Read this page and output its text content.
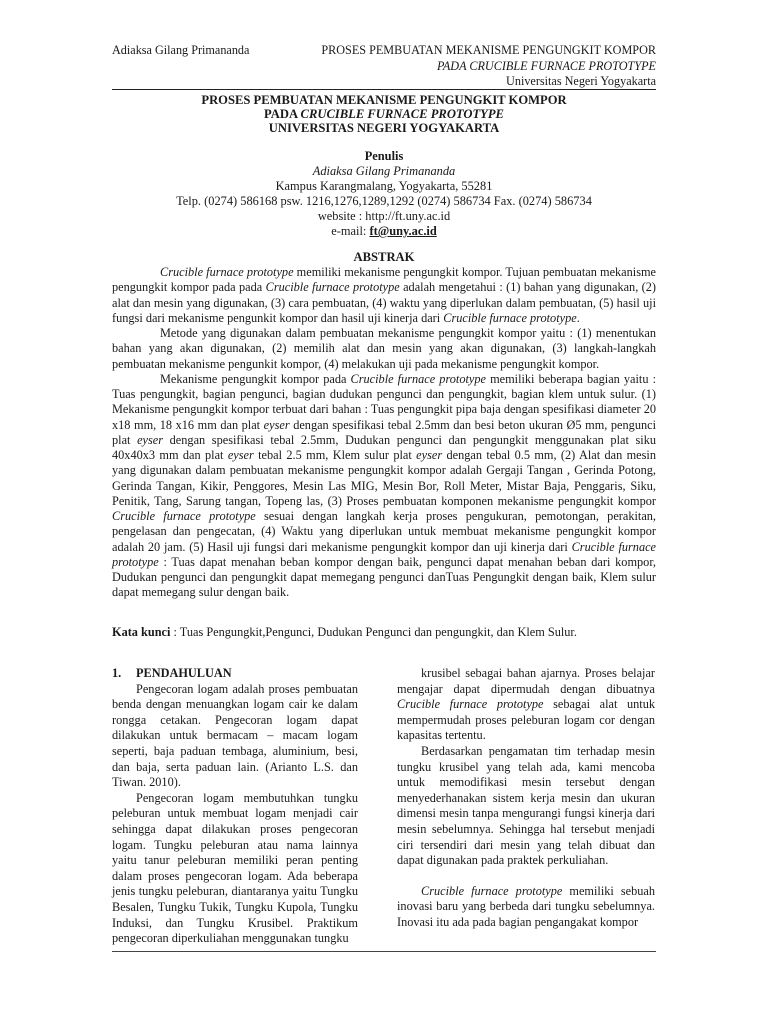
Adiaksa Gilang Primananda	PROSES PEMBUATAN MEKANISME PENGUNGKIT KOMPOR
PADA CRUCIBLE FURNACE PROTOTYPE
Universitas Negeri Yogyakarta
PROSES PEMBUATAN MEKANISME PENGUNGKIT KOMPOR
PADA CRUCIBLE FURNACE PROTOTYPE
UNIVERSITAS NEGERI YOGYAKARTA
Penulis
Adiaksa Gilang Primananda
Kampus Karangmalang, Yogyakarta, 55281
Telp. (0274) 586168 psw. 1216,1276,1289,1292 (0274) 586734 Fax. (0274) 586734
website : http://ft.uny.ac.id
e-mail: ft@uny.ac.id
ABSTRAK

Crucible furnace prototype memiliki mekanisme pengungkit kompor. Tujuan pembuatan mekanisme pengungkit kompor pada pada Crucible furnace prototype adalah mengetahui : (1) bahan yang digunakan, (2) alat dan mesin yang digunakan, (3) cara pembuatan, (4) waktu yang diperlukan dalam pembuatan, (5) hasil uji fungsi dari mekanisme pengunkit kompor dan hasil uji kinerja dari Crucible furnace prototype.

Metode yang digunakan dalam pembuatan mekanisme pengungkit kompor yaitu : (1) menentukan bahan yang akan digunakan, (2) memilih alat dan mesin yang akan digunakan, (3) langkah-langkah pembuatan mekanisme pengunkit kompor, (4) melakukan uji pada mekanisme pengungkit kompor.

Mekanisme pengungkit kompor pada Crucible furnace prototype memiliki beberapa bagian yaitu : Tuas pengungkit, bagian pengunci, bagian dudukan pengunci dan pengungkit, bagian klem untuk sulur. (1) Mekanisme pengungkit kompor terbuat dari bahan : Tuas pengungkit pipa baja dengan spesifikasi diameter 20 x18 mm, 18 x16 mm dan plat eyser dengan spesifikasi tebal 2.5mm dan besi beton ukuran Ø5 mm, pengunci plat eyser dengan spesifikasi tebal 2.5mm, Dudukan pengunci dan pengungkit menggunakan plat siku 40x40x3 mm dan plat eyser tebal 2.5 mm, Klem sulur plat eyser dengan tebal 0.5 mm, (2) Alat dan mesin yang digunakan dalam pembuatan mekanisme pengungkit kompor adalah Gergaji Tangan , Gerinda Potong, Gerinda Tangan, Kikir, Penggores, Mesin Las MIG, Mesin Bor, Roll Meter, Mistar Baja, Penggaris, Siku, Penitik, Tang, Sarung tangan, Topeng las, (3) Proses pembuatan komponen mekanisme pengungkit kompor Crucible furnace prototype sesuai dengan langkah kerja proses pengukuran, pemotongan, perakitan, pengelasan dan pengecatan, (4) Waktu yang diperlukan untuk membuat mekanisme pengungkit kompor adalah 20 jam. (5) Hasil uji fungsi dari mekanisme pengungkit kompor dan uji kinerja dari Crucible furnace prototype : Tuas dapat menahan beban kompor dengan baik, pengunci dapat menahan beban dari kompor, Dudukan pengunci dan pengungkit dapat memegang pengunci danTuas Pengungkit dengan baik, Klem sulur dapat memegang sulur dengan baik.

Kata kunci : Tuas Pengungkit,Pengunci, Dudukan Pengunci dan pengungkit, dan Klem Sulur.

1. PENDAHULUAN

Pengecoran logam adalah proses pembuatan benda dengan menuangkan logam cair ke dalam rongga cetakan. Pengecoran logam dapat dilakukan untuk bermacam – macam logam seperti, baja paduan tembaga, aluminium, besi, dan baja, serta paduan lain. (Arianto L.S. dan Tiwan. 2010).

Pengecoran logam membutuhkan tungku peleburan untuk membuat logam menjadi cair sehingga dapat dilakukan proses pengecoran logam. Tungku peleburan atau nama lainnya yaitu tanur peleburan memiliki peran penting dalam proses pengecoran logam. Ada beberapa jenis tungku peleburan, diantaranya yaitu Tungku Besalen, Tungku Tukik, Tungku Kupola, Tungku Induksi, dan Tungku Krusibel. Praktikum pengecoran diperkuliahan menggunakan tungku

krusibel sebagai bahan ajarnya. Proses belajar mengajar dapat dipermudah dengan dibuatnya Crucible furnace prototype sebagai alat untuk mempermudah proses peleburan logam cor dengan kapasitas tertentu.

Berdasarkan pengamatan tim terhadap mesin tungku krusibel yang telah ada, kami mencoba untuk memodifikasi mesin tersebut dengan menyederhanakan sistem kerja mesin dan ukuran dimensi mesin tanpa mengurangi fungsi kinerja dari mesin sebelumnya. Sehingga hal tersebut menjadi ciri tersendiri dari mesin yang telah dibuat dan dapat digunakan pada praktek perkuliahan.

Crucible furnace prototype memiliki sebuah inovasi baru yang berbeda dari tungku sebelumnya. Inovasi itu ada pada bagian pengangakat kompor
